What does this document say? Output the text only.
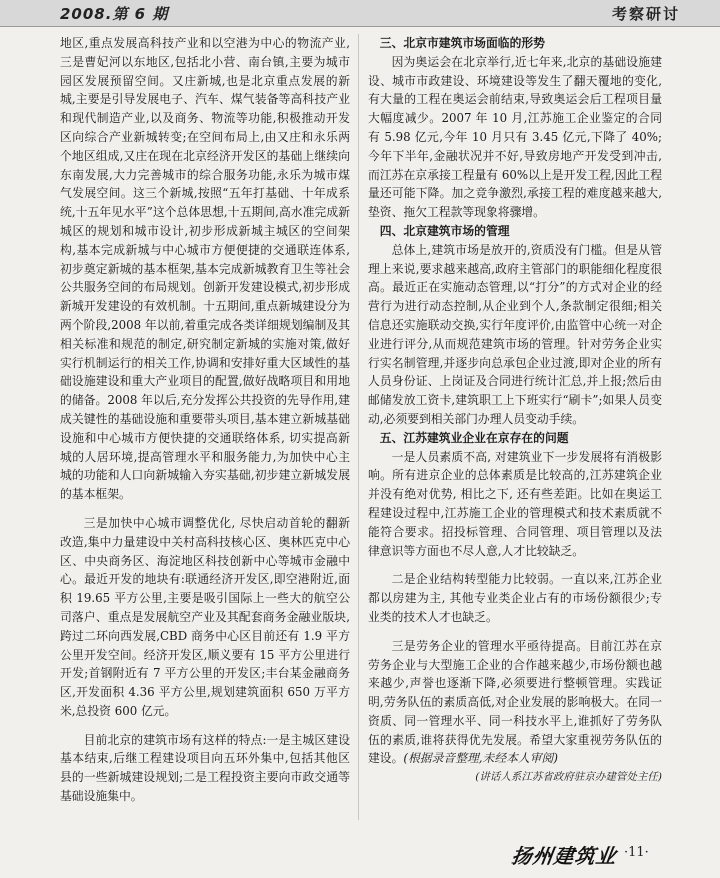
2008.第 6 期	考察研讨

地区,重点发展高科技产业和以空港为中心的物流产业,三是曹妃河以东地区,包括北小营、南台镇,主要为城市园区发展预留空间。又庄新城,也是北京重点发展的新城,主要是引导发展电子、汽车、煤气装备等高科技产业和现代制造产业,以及商务、物流等功能,积极推动开发区向综合产业新城转变;在空间布局上,由又庄和永乐两个地区组成,又庄在现在北京经济开发区的基础上继续向东南发展,大力完善城市的综合服务功能,永乐为城市煤气发展空间。这三个新城,按照“五年打基础、十年成系统,十五年见水平”这个总体思想,十五期间,高水准完成新城区的规划和城市设计,初步形成新城主城区的空间架构,基本完成新城与中心城市方便便捷的交通联连体系,初步奠定新城的基本框架,基本完成新城教育卫生等社会公共服务空间的布局规划。创新开发建设模式,初步形成新城开发建设的有效机制。十五期间,重点新城建设分为两个阶段,2008 年以前,着重完成各类详细规划编制及其相关标准和规范的制定,研究制定新城的实施对策,做好实行机制运行的相关工作,协调和安排好重大区域性的基础设施建设和重大产业项目的配置,做好战略项目和用地的储备。2008 年以后,充分发挥公共投资的先导作用,建成关键性的基础设施和重要带头项目,基本建立新城基础设施和中心城市方便快捷的交通联络体系, 切实提高新城的人居环境,提高管理水平和服务能力,为加快中心主城的功能和人口向新城输入夯实基础,初步建立新城发展的基本框架。

三是加快中心城市调整优化, 尽快启动首轮的翻新改造,集中力量建设中关村高科技核心区、奥林匹克中心区、中央商务区、海淀地区科技创新中心等城市金融中心。最近开发的地块有:联通经济开发区,即空港附近,面积 19.65 平方公里,主要是吸引国际上一些大的航空公司落户、重点是发展航空产业及其配套商务金融业版块,跨过二环向西发展,CBD 商务中心区目前还有 1.9 平方公里开发空间。经济开发区,顺义要有 15 平方公里进行开发;首钢附近有 7 平方公里的开发区;丰台某金融商务区,开发面积 4.36 平方公里,规划建筑面积 650 万平方米,总投资 600 亿元。

目前北京的建筑市场有这样的特点:一是主城区建设基本结束,后继工程建设项目向五环外集中,包括其他区县的一些新城建设规划;二是工程投资主要向市政交通等基础设施集中。

三、北京市建筑市场面临的形势

因为奥运会在北京举行,近七年来,北京的基础设施建设、城市市政建设、环境建设等发生了翻天覆地的变化,有大量的工程在奥运会前结束,导致奥运会后工程项目量大幅度减少。2007 年 10 月,江苏施工企业鉴定的合同有 5.98 亿元,今年 10 月只有 3.45 亿元,下降了 40%;今年下半年,金融状况并不好,导致房地产开发受到冲击, 而江苏在京承接工程量有 60%以上是开发工程,因此工程量还可能下降。加之竞争激烈,承接工程的难度越来越大,垫资、拖欠工程款等现象将骤增。

四、北京建筑市场的管理

总体上,建筑市场是放开的,资质没有门槛。但是从管理上来说,要求越来越高,政府主管部门的职能细化程度很高。最近正在实施动态管理,以“打分”的方式对企业的经营行为进行动态控制,从企业到个人,条款制定很细;相关信息还实施联动交换,实行年度评价,由监管中心统一对企业进行评分,从而规范建筑市场的管理。针对劳务企业实行实名制管理,并逐步向总承包企业过渡,即对企业的所有人员身份证、上岗证及合同进行统计汇总,并上报;然后由邮储发放工资卡,建筑职工上下班实行“刷卡”;如果人员变动,必须要到相关部门办理人员变动手续。

五、江苏建筑业企业在京存在的问题

一是人员素质不高, 对建筑业下一步发展将有消极影响。所有进京企业的总体素质是比较高的,江苏建筑企业并没有绝对优势, 相比之下, 还有些差距。比如在奥运工程建设过程中,江苏施工企业的管理模式和技术素质就不能符合要求。招投标管理、合同管理、项目管理以及法律意识等方面也不尽人意,人才比较缺乏。

二是企业结构转型能力比较弱。一直以来,江苏企业都以房建为主, 其他专业类企业占有的市场份额很少;专业类的技术人才也缺乏。

三是劳务企业的管理水平亟待提高。目前江苏在京劳务企业与大型施工企业的合作越来越少,市场份额也越来越少,声誉也逐渐下降,必须要进行整顿管理。实践证明,劳务队伍的素质高低,对企业发展的影响极大。在同一资质、同一管理水平、同一科技水平上,谁抓好了劳务队伍的素质,谁将获得优先发展。希望大家重视劳务队伍的建设。(根据录音整理,未经本人审阅)

(讲话人系江苏省政府驻京办建管处主任)

扬州建筑业 ·11·
